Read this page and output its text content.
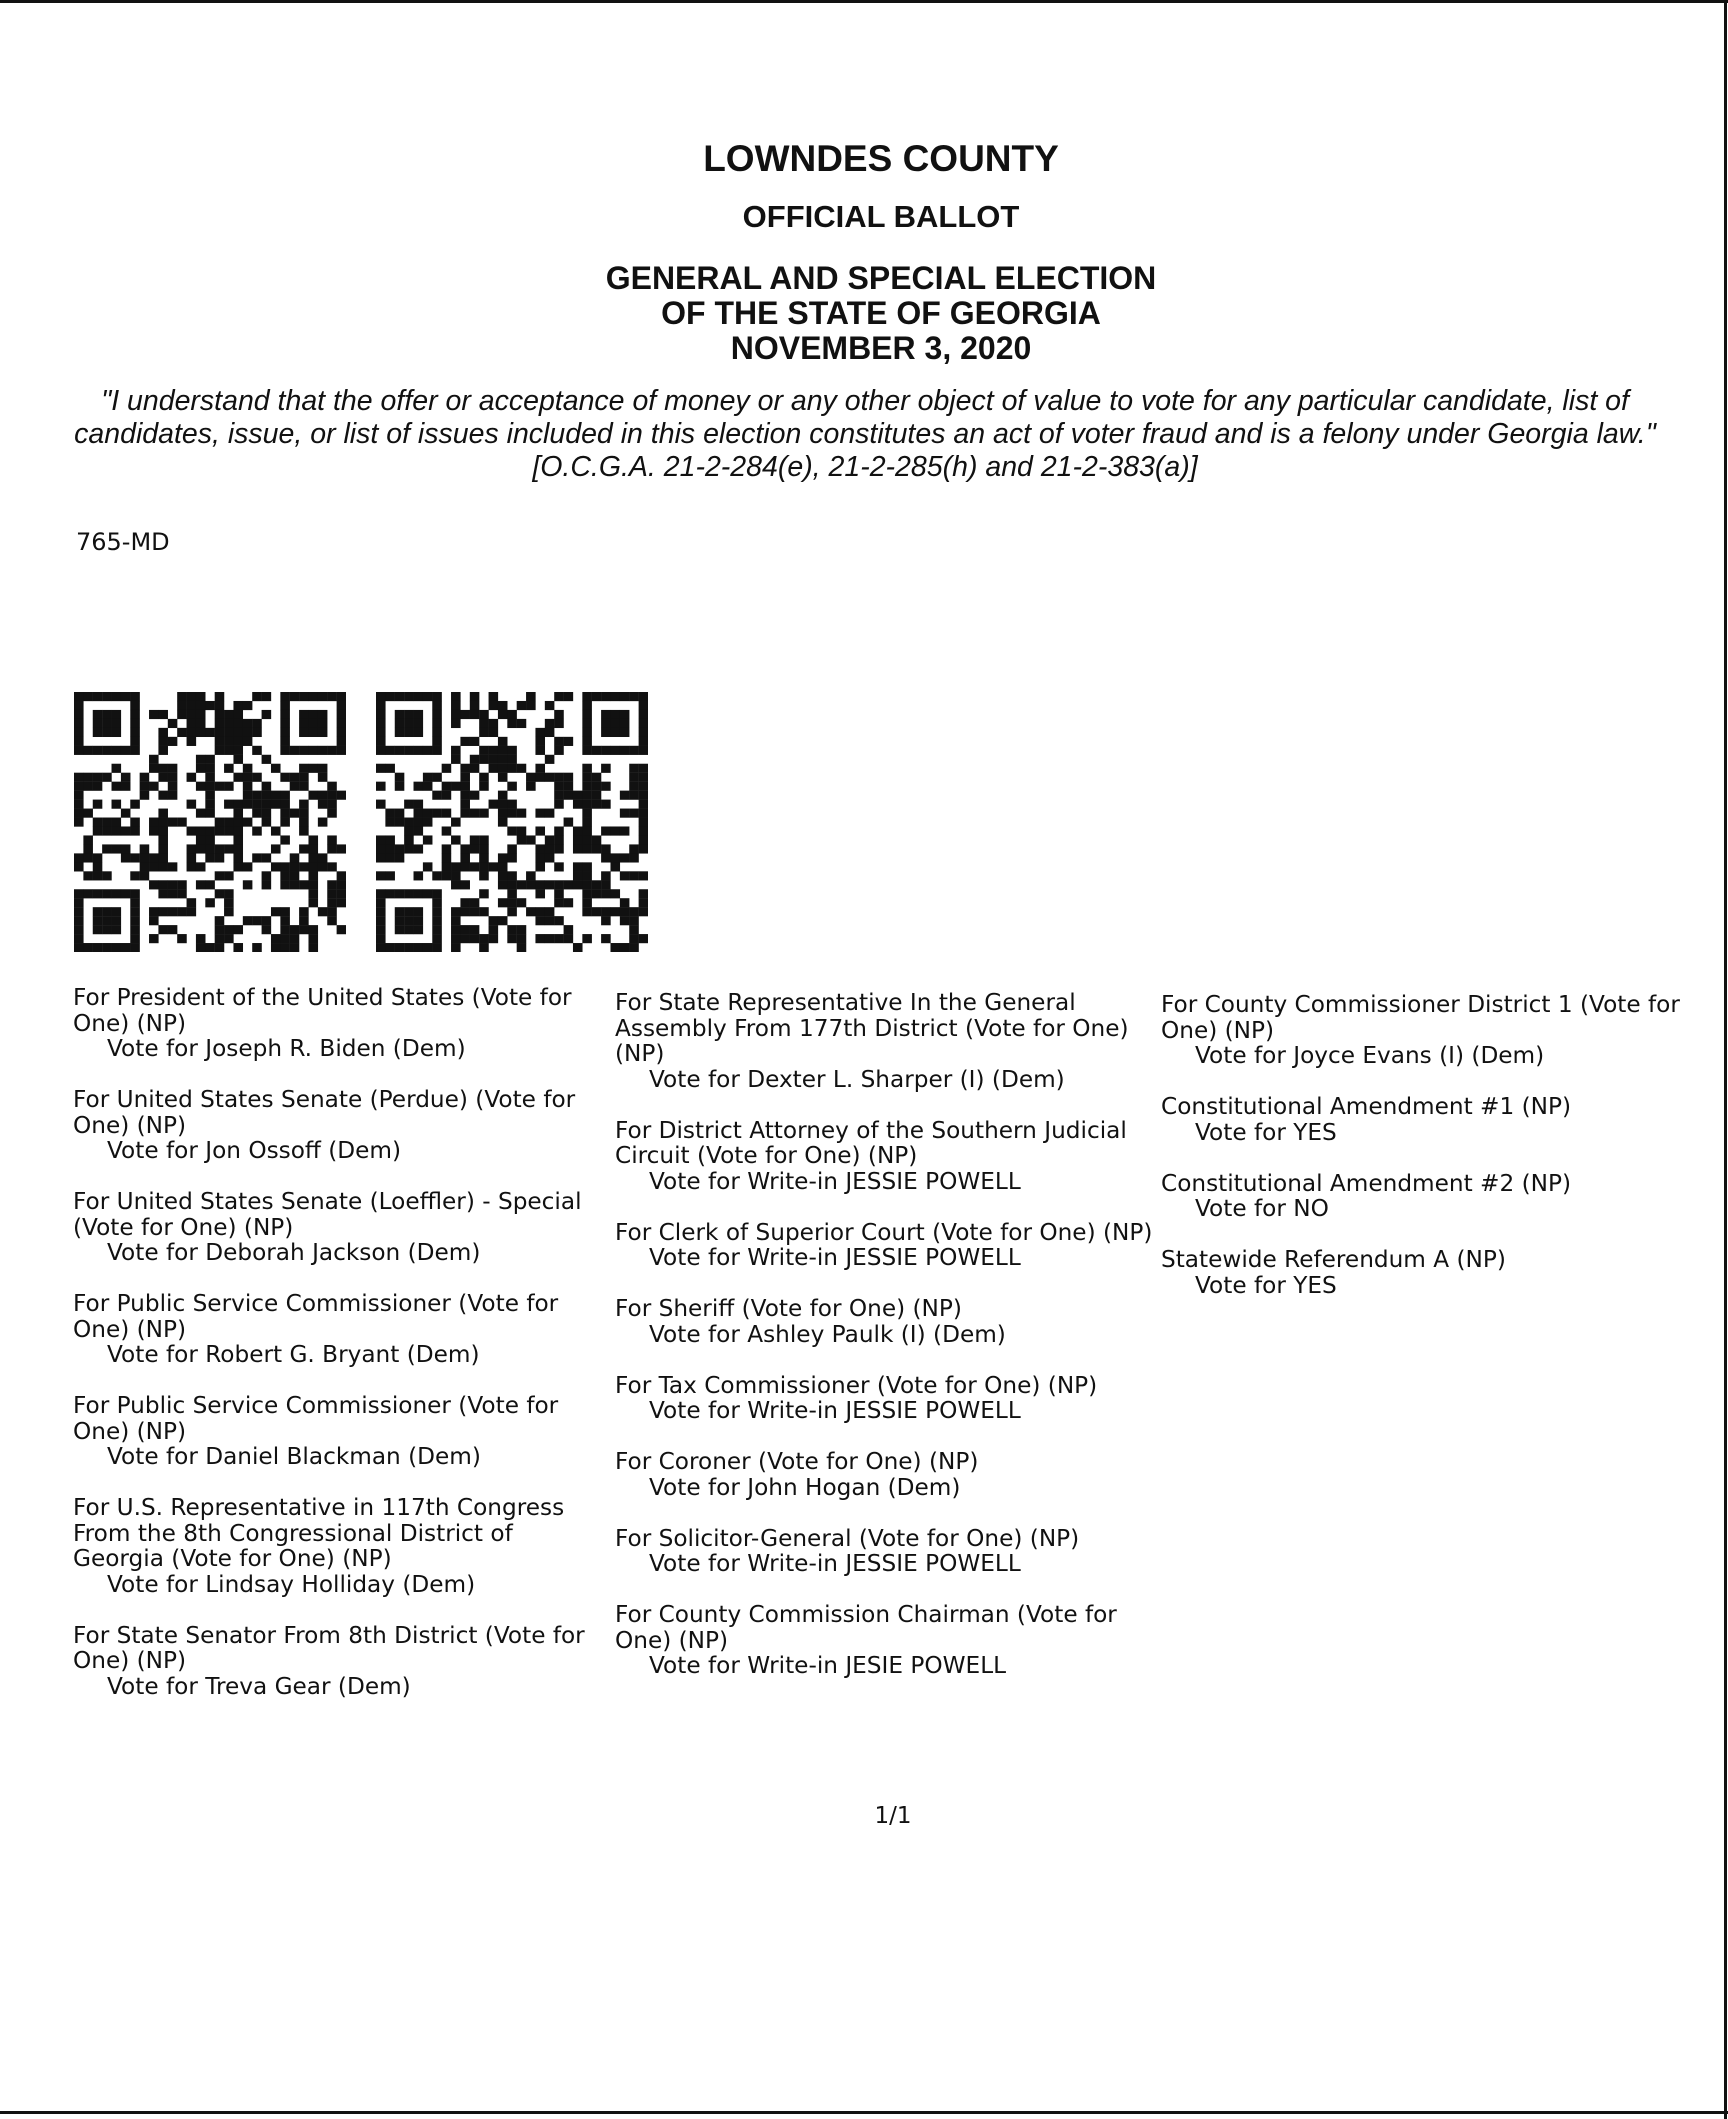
LOWNDES COUNTY
OFFICIAL BALLOT
GENERAL AND SPECIAL ELECTION
OF THE STATE OF GEORGIA
NOVEMBER 3, 2020
"I understand that the offer or acceptance of money or any other object of value to vote for any particular candidate, list of candidates, issue, or list of issues included in this election constitutes an act of voter fraud and is a felony under Georgia law." [O.C.G.A. 21-2-284(e), 21-2-285(h) and 21-2-383(a)]
765-MD
For President of the United States (Vote for One) (NP)
Vote for Joseph R. Biden (Dem)
For United States Senate (Perdue) (Vote for One) (NP)
Vote for Jon Ossoff (Dem)
For United States Senate (Loeffler) - Special (Vote for One) (NP)
Vote for Deborah Jackson (Dem)
For Public Service Commissioner (Vote for One) (NP)
Vote for Robert G. Bryant (Dem)
For Public Service Commissioner (Vote for One) (NP)
Vote for Daniel Blackman (Dem)
For U.S. Representative in 117th Congress From the 8th Congressional District of Georgia (Vote for One) (NP)
Vote for Lindsay Holliday (Dem)
For State Senator From 8th District (Vote for One) (NP)
Vote for Treva Gear (Dem)
For State Representative In the General Assembly From 177th District (Vote for One) (NP)
Vote for Dexter L. Sharper (I) (Dem)
For District Attorney of the Southern Judicial Circuit (Vote for One) (NP)
Vote for Write-in JESSIE POWELL
For Clerk of Superior Court (Vote for One) (NP)
Vote for Write-in JESSIE POWELL
For Sheriff (Vote for One) (NP)
Vote for Ashley Paulk (I) (Dem)
For Tax Commissioner (Vote for One) (NP)
Vote for Write-in JESSIE POWELL
For Coroner (Vote for One) (NP)
Vote for John Hogan (Dem)
For Solicitor-General (Vote for One) (NP)
Vote for Write-in JESSIE POWELL
For County Commission Chairman (Vote for One) (NP)
Vote for Write-in JESIE POWELL
For County Commissioner District 1 (Vote for One) (NP)
Vote for Joyce Evans (I) (Dem)
Constitutional Amendment #1 (NP)
Vote for YES
Constitutional Amendment #2 (NP)
Vote for NO
Statewide Referendum A (NP)
Vote for YES
1/1
